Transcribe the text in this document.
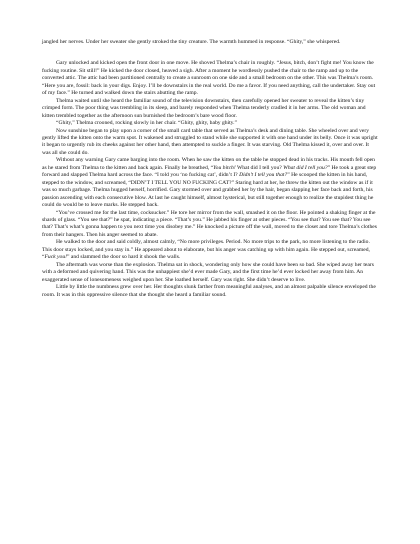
jangled her nerves. Under her sweater she gently stroked the tiny creature. The warmth hummed in response. “Ghity,” she whispered.

Gary unlocked and kicked open the front door in one move. He shoved Thelma’s chair in roughly. “Jesus, bitch, don’t fight me! You know the fucking routine. Sit still!” He kicked the door closed, heaved a sigh. After a moment he wordlessly pushed the chair to the ramp and up to the converted attic. The attic had been partitioned centrally to create a sunroom on one side and a small bedroom on the other. This was Thelma’s room. “Here you are, fossil: back in your digs. Enjoy. I’ll be downstairs in the real world. Do me a favor. If you need anything, call the undertaker. Stay out of my face.” He turned and walked down the stairs abutting the ramp.

Thelma waited until she heard the familiar sound of the television downstairs, then carefully opened her sweater to reveal the kitten’s tiny crimped form. The poor thing was trembling in its sleep, and barely responded when Thelma tenderly cradled it in her arms. The old woman and kitten trembled together as the afternoon sun burnished the bedroom’s bare wood floor.

“Ghity,” Thelma crooned, rocking slowly in her chair. “Ghity, ghity, baby ghity.”

Now sunshine began to play upon a corner of the small card table that served as Thelma’s desk and dining table. She wheeled over and very gently lifted the kitten onto the warm spot. It wakened and struggled to stand while she supported it with one hand under its belly. Once it was upright it began to urgently rub its cheeks against her other hand, then attempted to suckle a finger. It was starving. Old Thelma kissed it, over and over. It was all she could do.

Without any warning Gary came barging into the room. When he saw the kitten on the table he stopped dead in his tracks. His mouth fell open as he stared from Thelma to the kitten and back again. Finally he breathed, “You bitch! What did I tell you? What did I tell you?” He took a great step forward and slapped Thelma hard across the face. “I told you ‘no fucking cat’, didn’t I? Didn’t I tell you that?” He scooped the kitten in his hand, stepped to the window, and screamed, “DIDN’T I TELL YOU NO FUCKING CAT?” Staring hard at her, he threw the kitten out the window as if it was so much garbage. Thelma hugged herself, horrified. Gary stormed over and grabbed her by the hair, began slapping her face back and forth, his passion ascending with each consecutive blow. At last he caught himself, almost hysterical, but still together enough to realize the stupidest thing he could do would be to leave marks. He stepped back.

“You’ve crossed me for the last time, cocksucker.” He tore her mirror from the wall, smashed it on the floor. He pointed a shaking finger at the shards of glass. “You see that?” he spat, indicating a piece. “That’s you.” He jabbed his finger at other pieces. “You see that? You see that? You see that? That’s what’s gonna happen to you next time you disobey me.” He knocked a picture off the wall, moved to the closet and tore Thelma’s clothes from their hangers. Then his anger seemed to abate.

He walked to the door and said coldly, almost calmly, “No more privileges. Period. No more trips to the park, no more listening to the radio. This door stays locked, and you stay in.” He appeared about to elaborate, but his anger was catching up with him again. He stepped out, screamed, “Fuck you!” and slammed the door so hard it shook the walls.

The aftermath was worse than the explosion. Thelma sat in shock, wondering only how she could have been so bad. She wiped away her tears with a deformed and quivering hand. This was the unhappiest she’d ever made Gary, and the first time he’d ever locked her away from him. An exaggerated sense of lonesomeness weighed upon her. She loathed herself. Gary was right. She didn’t deserve to live.

Little by little the numbness grew over her. Her thoughts slunk farther from meaningful analyses, and an almost palpable silence enveloped the room. It was in this oppressive silence that she thought she heard a familiar sound.
